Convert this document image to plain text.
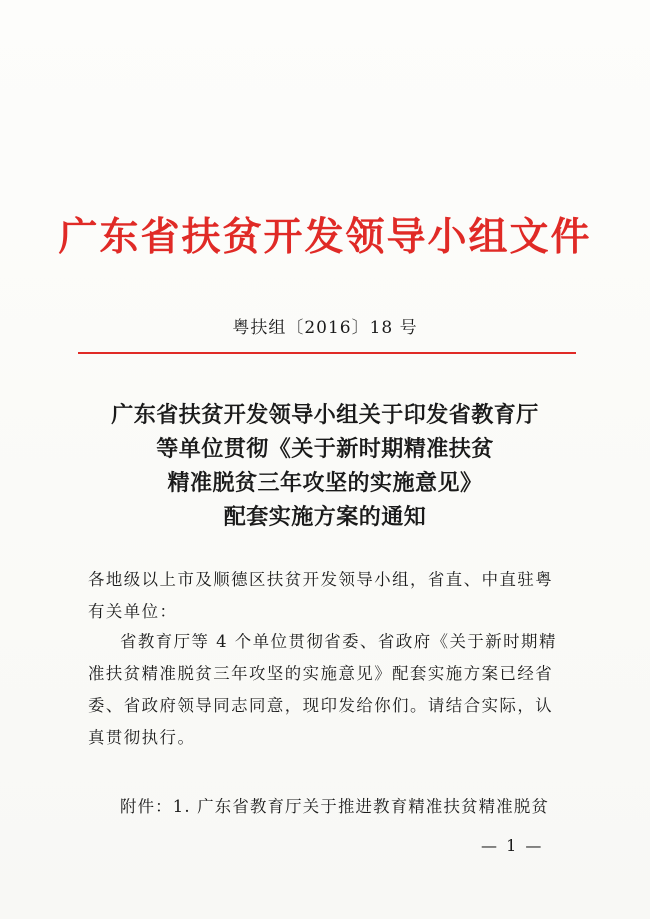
广东省扶贫开发领导小组文件
粤扶组〔2016〕18 号
广东省扶贫开发领导小组关于印发省教育厅
等单位贯彻《关于新时期精准扶贫
精准脱贫三年攻坚的实施意见》
配套实施方案的通知
各地级以上市及顺德区扶贫开发领导小组，省直、中直驻粤
有关单位：
省教育厅等 4 个单位贯彻省委、省政府《关于新时期精
准扶贫精准脱贫三年攻坚的实施意见》配套实施方案已经省
委、省政府领导同志同意，现印发给你们。请结合实际，认
真贯彻执行。
附件：1. 广东省教育厅关于推进教育精准扶贫精准脱贫
— 1 —
